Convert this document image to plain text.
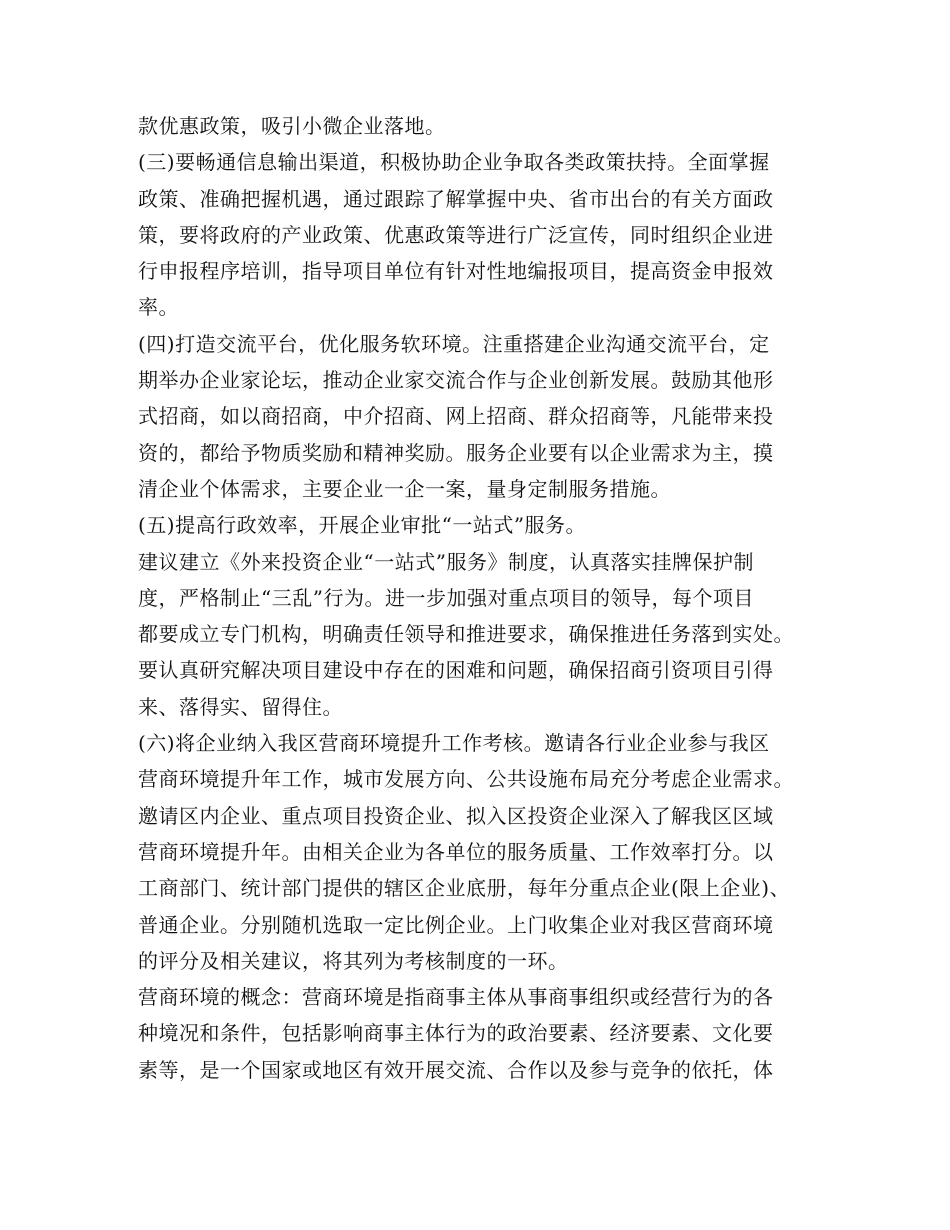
款优惠政策，吸引小微企业落地。
(三)要畅通信息输出渠道，积极协助企业争取各类政策扶持。全面掌握
政策、准确把握机遇，通过跟踪了解掌握中央、省市出台的有关方面政
策，要将政府的产业政策、优惠政策等进行广泛宣传，同时组织企业进
行申报程序培训，指导项目单位有针对性地编报项目，提高资金申报效
率。
(四)打造交流平台，优化服务软环境。注重搭建企业沟通交流平台，定
期举办企业家论坛，推动企业家交流合作与企业创新发展。鼓励其他形
式招商，如以商招商，中介招商、网上招商、群众招商等，凡能带来投
资的，都给予物质奖励和精神奖励。服务企业要有以企业需求为主，摸
清企业个体需求，主要企业一企一案，量身定制服务措施。
(五)提高行政效率，开展企业审批“一站式”服务。
建议建立《外来投资企业“一站式”服务》制度，认真落实挂牌保护制
度，严格制止“三乱”行为。进一步加强对重点项目的领导，每个项目
都要成立专门机构，明确责任领导和推进要求，确保推进任务落到实处。
要认真研究解决项目建设中存在的困难和问题，确保招商引资项目引得
来、落得实、留得住。
(六)将企业纳入我区营商环境提升工作考核。邀请各行业企业参与我区
营商环境提升年工作，城市发展方向、公共设施布局充分考虑企业需求。
邀请区内企业、重点项目投资企业、拟入区投资企业深入了解我区区域
营商环境提升年。由相关企业为各单位的服务质量、工作效率打分。以
工商部门、统计部门提供的辖区企业底册，每年分重点企业(限上企业)、
普通企业。分别随机选取一定比例企业。上门收集企业对我区营商环境
的评分及相关建议，将其列为考核制度的一环。
营商环境的概念：营商环境是指商事主体从事商事组织或经营行为的各
种境况和条件，包括影响商事主体行为的政治要素、经济要素、文化要
素等，是一个国家或地区有效开展交流、合作以及参与竞争的依托，体
